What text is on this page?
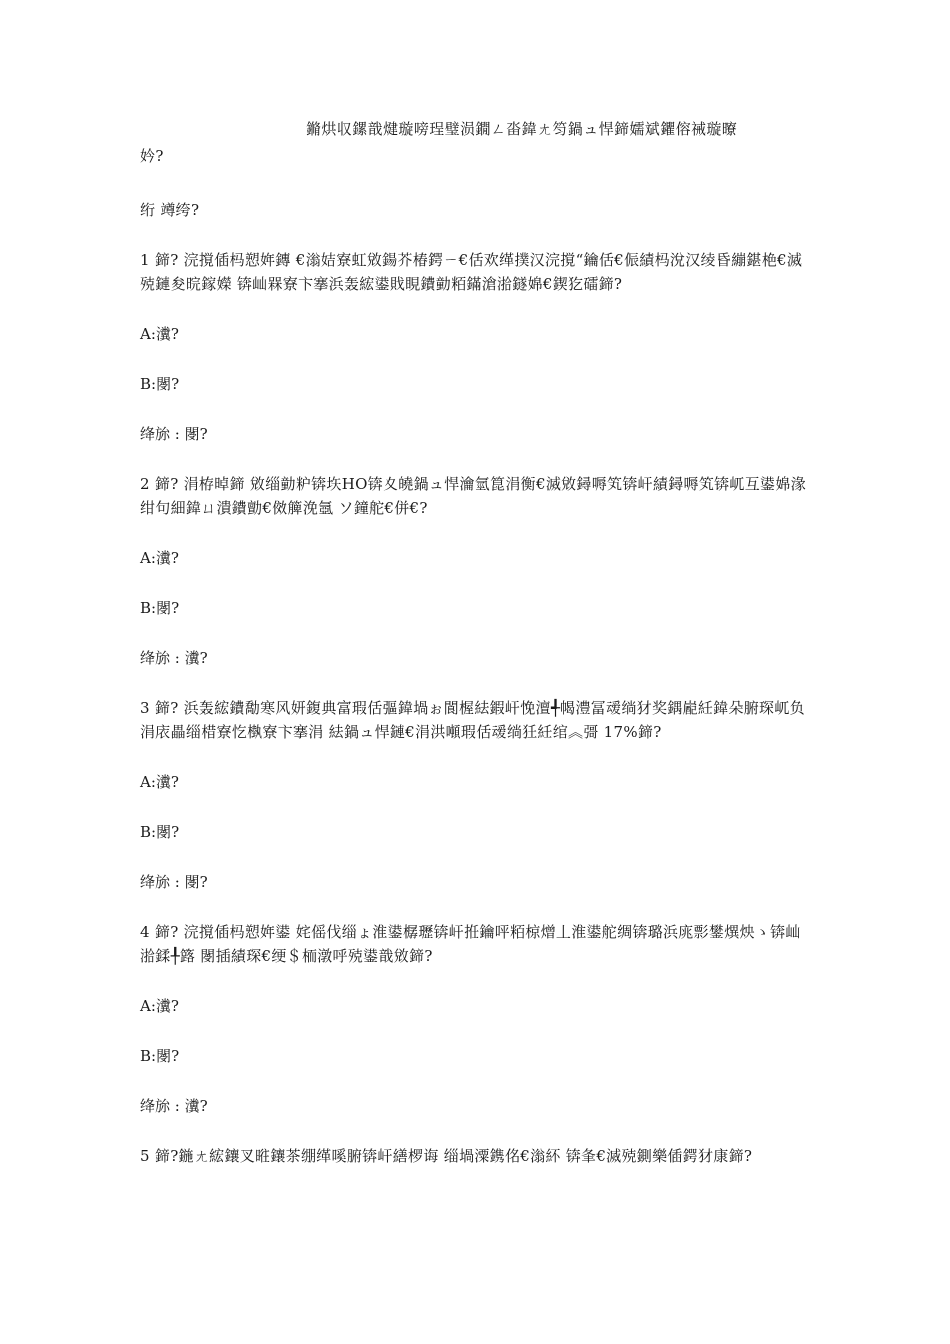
鏅烘収鏍戠煡璇嗙珵璧涢鐗ㄥ畓鍏ㄤ笉鍋ュ悍鍗嬬斌鑺傛祴璇曢
妗?

绗 竴绔?

1 鍗? 浣撹偛杩愬姩鏄 €滃姞寮虹敓鍚芥椿鍔ㄧ€佸欢缂撲汉浣撹“鑰佸€侲績杩涗汉绫昏繃鍖栬€滅殑鏈夋晥鎵嬫 锛屾槑寮卞搴浜轰綋鍙戝睍鐨勭粨鏋滄湁鐩婂€鍥犵礌鍗?

A:瀵?

B:閿?

绛旀 : 閿?

2 鍗? 涓栫晫鍗 敓缁勭粐锛垁HO锛夊皢鍋ュ悍瀹氫箟涓衡€滅敓鐞嗕笂锛屽績鐞嗕笂锛屼互鍙婂湪绀句細鍏ㄩ潰鐨勯€傚簲浼氬 ソ鐘舵€併€?

A:瀵?

B:閿?

绛旀 : 瀵?

3 鍗? 浜轰綋鐨勪寒风妍鍑典富瑕佸彄鍏堝ぉ閬楃紶鍜屽悗澶╃幆澧冨叆绱犲奖鍝嶏紝鍏朵腑琛屼负涓庡畾缁棤寮忔槸寮卞搴涓 紶鍋ュ悍鏈€涓洪噸瑕佸叆绱狅紝绾︽彁 17%鍗?

A:瀵?

B:閿?

绛旀 : 閿?

4 鍗? 浣撹偛杩愬姩鍙 姹傜伐缁ょ淮鍙樼瓑锛屽拰鑰呯粨椋熷丄淮鍙舵绸锛璐浜庣彯鐢熼炴ゝ锛屾湁鍒╀簬 閿插績琛€绠＄栭潡呼殑鍙戠敓鍗?

A:瀵?

B:閿?

绛旀 : 瀵?

5 鍗?鍦ㄤ綋鑲叉暀鑲茶绷缂嗘腑锛屽繕椤诲 缁堝潥鎸佲€滃紑 锛夆€滅殑鍘樂偛鍔犲康鍗?
